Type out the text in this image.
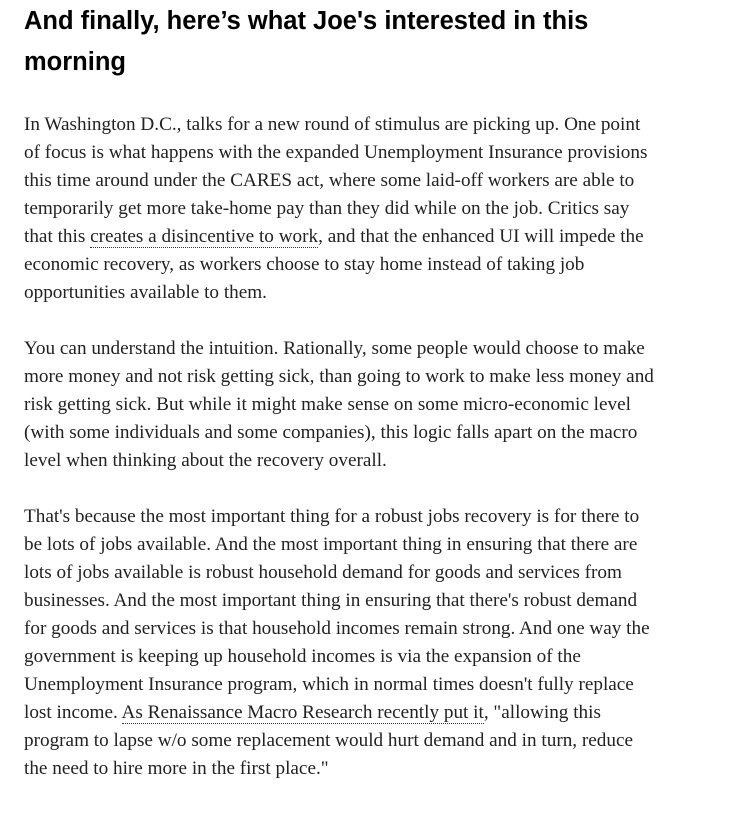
And finally, here’s what Joe's interested in this morning

In Washington D.C., talks for a new round of stimulus are picking up. One point of focus is what happens with the expanded Unemployment Insurance provisions this time around under the CARES act, where some laid-off workers are able to temporarily get more take-home pay than they did while on the job. Critics say that this creates a disincentive to work, and that the enhanced UI will impede the economic recovery, as workers choose to stay home instead of taking job opportunities available to them.

You can understand the intuition. Rationally, some people would choose to make more money and not risk getting sick, than going to work to make less money and risk getting sick. But while it might make sense on some micro-economic level (with some individuals and some companies), this logic falls apart on the macro level when thinking about the recovery overall.

That's because the most important thing for a robust jobs recovery is for there to be lots of jobs available. And the most important thing in ensuring that there are lots of jobs available is robust household demand for goods and services from businesses. And the most important thing in ensuring that there's robust demand for goods and services is that household incomes remain strong. And one way the government is keeping up household incomes is via the expansion of the Unemployment Insurance program, which in normal times doesn't fully replace lost income. As Renaissance Macro Research recently put it, "allowing this program to lapse w/o some replacement would hurt demand and in turn, reduce the need to hire more in the first place."
